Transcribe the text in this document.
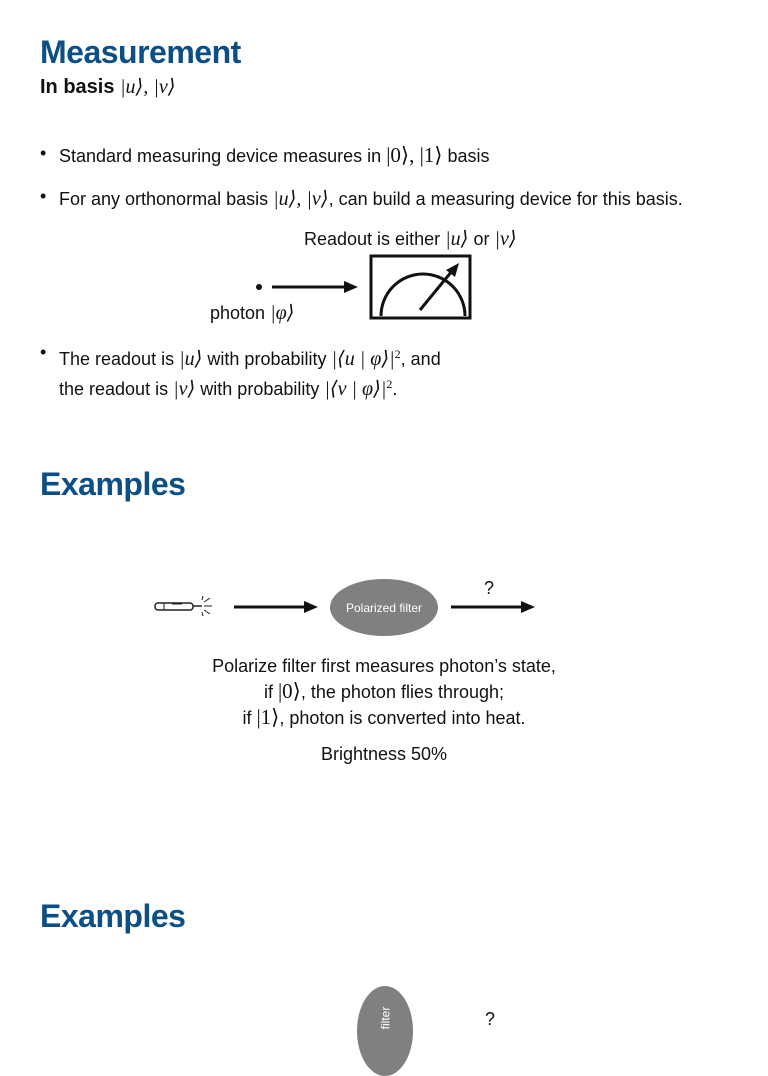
Measurement
In basis |u⟩, |v⟩
• Standard measuring device measures in |0⟩, |1⟩ basis
• For any orthonormal basis |u⟩, |v⟩, can build a measuring device for this basis.
Readout is either |u⟩ or |v⟩
photon |φ⟩
• The readout is |u⟩ with probability |⟨u | $\varphi⟩|^2$, and
the readout is |v⟩ with probability |⟨v | $\varphi⟩|^2$.
Examples
Polarized filter
?
Polarize filter first measures photon’s state,
if |0⟩, the photon flies through;
if |1⟩, photon is converted into heat.
Brightness 50%
Examples
filter	?
